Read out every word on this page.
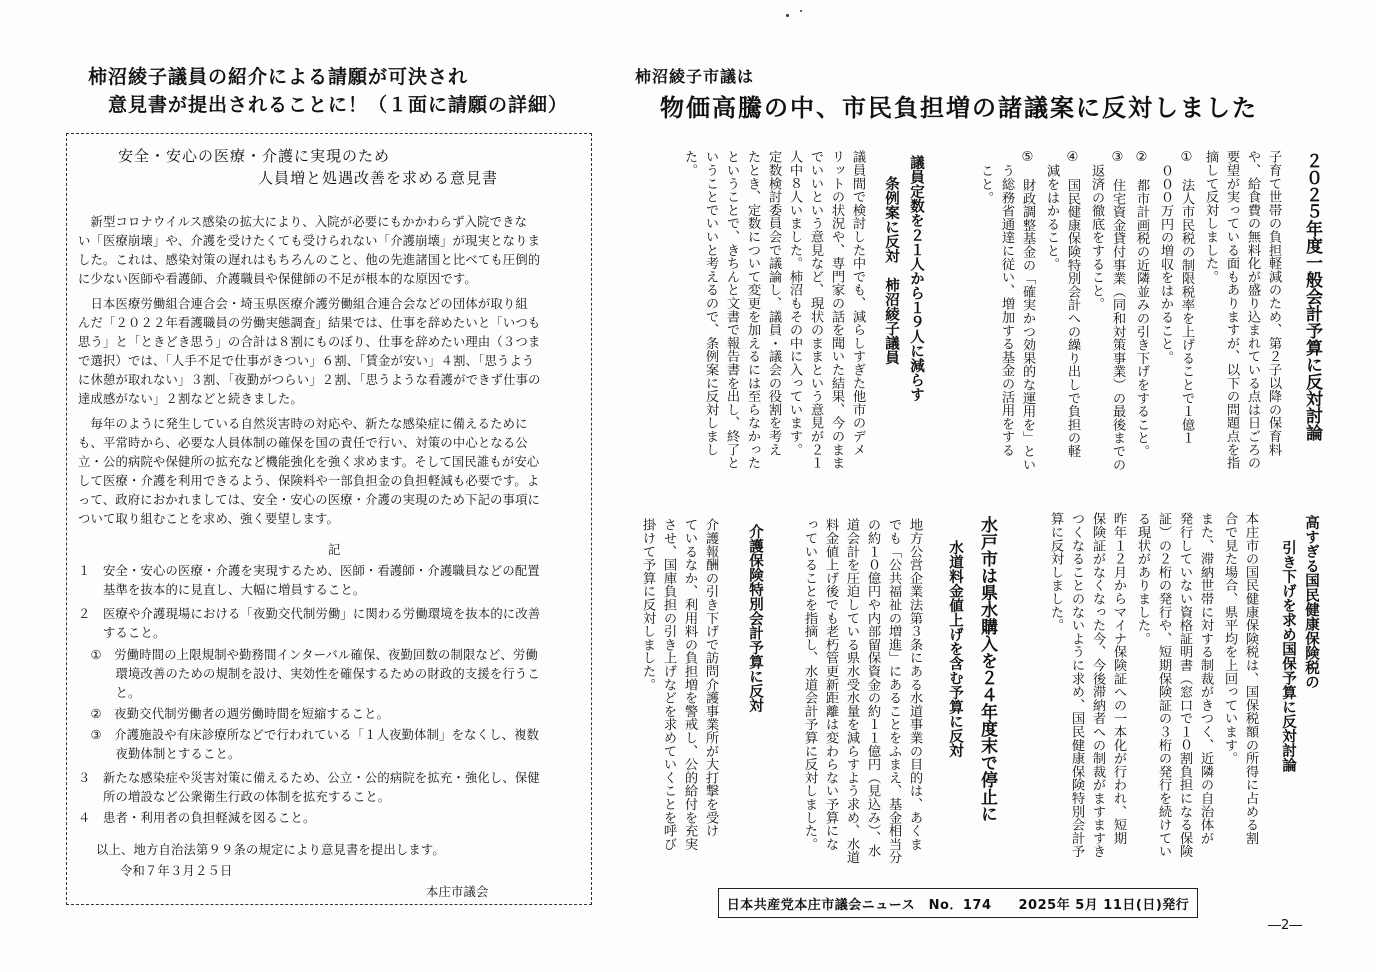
柿沼綾子議員の紹介による請願が可決され
意見書が提出されることに！（１面に請願の詳細）
安全・安心の医療・介護に実現のため
人員増と処遇改善を求める意見書
　新型コロナウイルス感染の拡大により、入院が必要にもかかわらず入院できな
い「医療崩壊」や、介護を受けたくても受けられない「介護崩壊」が現実となりま
した。これは、感染対策の遅れはもちろんのこと、他の先進諸国と比べても圧倒的
に少ない医師や看護師、介護職員や保健師の不足が根本的な原因です。
　日本医療労働組合連合会・埼玉県医療介護労働組合連合会などの団体が取り組
んだ「２０２２年看護職員の労働実態調査」結果では、仕事を辞めたいと「いつも
思う」と「ときどき思う」の合計は８割にものぼり、仕事を辞めたい理由（３つま
で選択）では、「人手不足で仕事がきつい」６割、「賃金が安い」４割、「思うよう
に休憩が取れない」３割、「夜勤がつらい」２割、「思うような看護ができず仕事の
達成感がない」２割などと続きました。
　毎年のように発生している自然災害時の対応や、新たな感染症に備えるために
も、平常時から、必要な人員体制の確保を国の責任で行い、対策の中心となる公
立・公的病院や保健所の拡充など機能強化を強く求めます。そして国民誰もが安心
して医療・介護を利用できるよう、保険料や一部負担金の負担軽減も必要です。よ
って、政府におかれましては、安全・安心の医療・介護の実現のため下記の事項に
ついて取り組むことを求め、強く要望します。
記
１　安全・安心の医療・介護を実現するため、医師・看護師・介護職員などの配置
　　基準を抜本的に見直し、大幅に増員すること。
２　医療や介護現場における「夜勤交代制労働」に関わる労働環境を抜本的に改善
　　すること。
　①　労働時間の上限規制や勤務間インターバル確保、夜勤回数の制限など、労働
　　　環境改善のための規制を設け、実効性を確保するための財政的支援を行うこ
　　　と。
　②　夜勤交代制労働者の週労働時間を短縮すること。
　③　介護施設や有床診療所などで行われている「１人夜勤体制」をなくし、複数
　　　夜勤体制とすること。
３　新たな感染症や災害対策に備えるため、公立・公的病院を拡充・強化し、保健
　　所の増設など公衆衛生行政の体制を拡充すること。
４　患者・利用者の負担軽減を図ること。
以上、地方自治法第９９条の規定により意見書を提出します。
令和７年３月２５日
本庄市議会
柿沼綾子市議は
物価高騰の中、市民負担増の諸議案に反対しました
２０２５年度一般会計予算に反対討論
子育て世帯の負担軽減のため、第２子以降の保育料
や、給食費の無料化が盛り込まれている点は日ごろの
要望が実っている面もありますが、以下の問題点を指
摘して反対しました。
①　法人市民税の制限税率を上げることで１億１
０００万円の増収をはかること。
②　都市計画税の近隣並みの引き下げをすること。
③　住宅資金貸付事業（同和対策事業）の最後までの
返済の徹底をすること。
④　国民健康保険特別会計への繰り出しで負担の軽
減をはかること。
⑤　財政調整基金の「確実かつ効果的な運用を」とい
う総務省通達に従い、増加する基金の活用をする
こと。
議員定数を２１人から１９人に減らす
条例案に反対　柿沼綾子議員
議員間で検討した中でも、減らしすぎた他市のデメ
リットの状況や、専門家の話を聞いた結果、今のまま
でいいという意見など、現状のままという意見が２１
人中８人いました。柿沼もその中に入っています。
定数検討委員会で議論し、議員・議会の役割を考え
たとき、定数について変更を加えるには至らなかった
ということで、きちんと文書で報告書を出し、終了と
いうことでいいと考えるので、条例案に反対しまし
た。
高すぎる国民健康保険税の
引き下げを求め国保予算に反対討論
本庄市の国民健康保険税は、国保税額の所得に占める割
合で見た場合、県平均を上回っています。
また、滞納世帯に対する制裁がきつく、近隣の自治体が
発行していない資格証明書（窓口で１０割負担になる保険
証）の２桁の発行や、短期保険証の３桁の発行を続けてい
る現状がありました。
昨年１２月からマイナ保険証への一本化が行われ、短期
保険証がなくなった今、今後滞納者への制裁がますますき
つくなることのないように求め、国民健康保険特別会計予
算に反対しました。
水戸市は県水購入を２４年度末で停止に
水道料金値上げを含む予算に反対
地方公営企業法第３条にある水道事業の目的は、あくま
でも「公共福祉の増進」にあることをふまえ、基金相当分
の約１０億円や内部留保資金の約１１億円（見込み）、水
道会計を圧迫している県水受水量を減らすよう求め、水道
料金値上げ後でも老朽管更新距離は変わらない予算にな
っていることを指摘し、水道会計予算に反対しました。
介護保険特別会計予算に反対
介護報酬の引き下げで訪問介護事業所が大打撃を受け
ているなか、利用料の負担増を警戒し、公的給付を充実
させ、国庫負担の引き上げなどを求めていくことを呼び
掛けて予算に反対しました。
日本共産党本庄市議会ニュース　No．174　　2025年 5月 11日(日)発行
―2―
